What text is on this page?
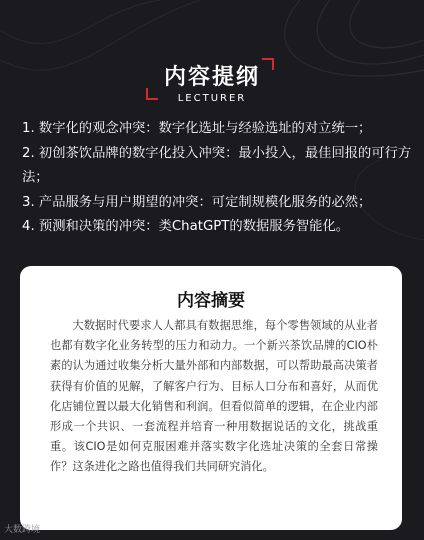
内容提纲
LECTURER

1. 数字化的观念冲突：数字化选址与经验选址的对立统一；

2. 初创茶饮品牌的数字化投入冲突：最小投入，最佳回报的可行方法；

3. 产品服务与用户期望的冲突：可定制规模化服务的必然；

4. 预测和决策的冲突：类ChatGPT的数据服务智能化。

内容摘要
大数据时代要求人人都具有数据思维，每个零售领域的从业者也都有数字化业务转型的压力和动力。一个新兴茶饮品牌的CIO朴素的认为通过收集分析大量外部和内部数据，可以帮助最高决策者获得有价值的见解，了解客户行为、目标人口分布和喜好，从而优化店铺位置以最大化销售和利润。但看似简单的逻辑，在企业内部形成一个共识、一套流程并培育一种用数据说话的文化，挑战重重。该CIO是如何克服困难并落实数字化选址决策的全套日常操作？这条进化之路也值得我们共同研究消化。
大数跨境
